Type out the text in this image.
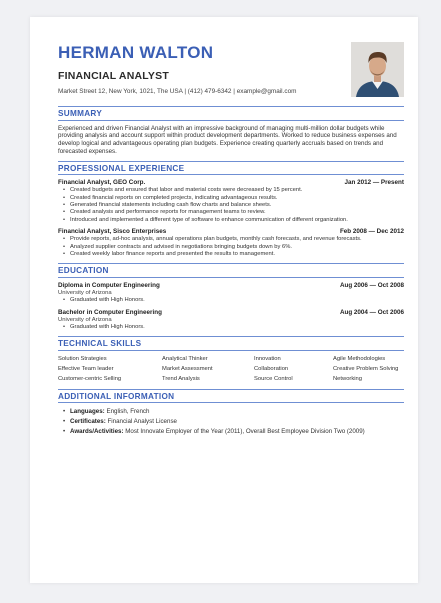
HERMAN WALTON
FINANCIAL ANALYST
Market Street 12, New York, 1021, The USA | (412) 479-6342 | example@gmail.com
SUMMARY
Experienced and driven Financial Analyst with an impressive background of managing multi-million dollar budgets while providing analysis and account support within product development departments. Worked to reduce business expenses and develop logical and advantageous operating plan budgets. Experience creating quarterly accruals based on trends and forecasted expenses.
PROFESSIONAL EXPERIENCE
Financial Analyst, GEO Corp.	Jan 2012 — Present
• Created budgets and ensured that labor and material costs were decreased by 15 percent.
• Created financial reports on completed projects, indicating advantageous results.
• Generated financial statements including cash flow charts and balance sheets.
• Created analysis and performance reports for management teams to review.
• Introduced and implemented a different type of software to enhance communication of different organization.
Financial Analyst, Sisco Enterprises	Feb 2008 — Dec 2012
• Provide reports, ad-hoc analysis, annual operations plan budgets, monthly cash forecasts, and revenue forecasts.
• Analyzed supplier contracts and advised in negotiations bringing budgets down by 6%.
• Created weekly labor finance reports and presented the results to management.
EDUCATION
Diploma in Computer Engineering	Aug 2006 — Oct 2008
University of Arizona
• Graduated with High Honors.
Bachelor in Computer Engineering	Aug 2004 — Oct 2006
University of Arizona
• Graduated with High Honors.
TECHNICAL SKILLS
Solution Strategies	Analytical Thinker	Innovation	Agile Methodologies
Effective Team leader	Market Assessment	Collaboration	Creative Problem Solving
Customer-centric Selling	Trend Analysis	Source Control	Networking
ADDITIONAL INFORMATION
• Languages: English, French
• Certificates: Financial Analyst License
• Awards/Activities: Most Innovate Employer of the Year (2011), Overall Best Employee Division Two (2009)
